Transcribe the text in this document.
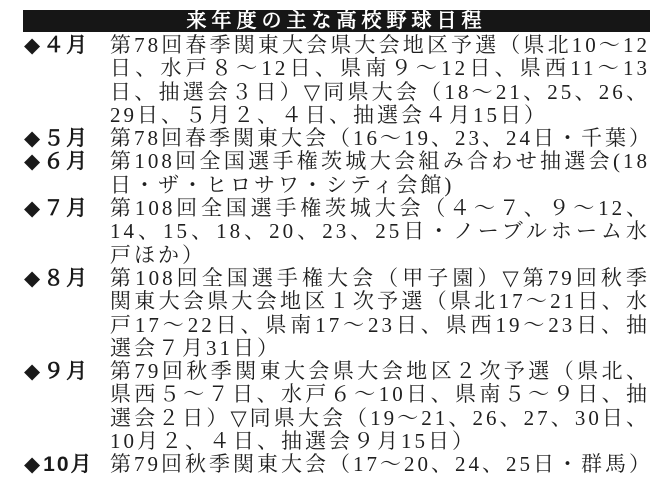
来年度の主な高校野球日程
◆４月 第78回春季関東大会県大会地区予選（県北10〜12日、水戸８〜12日、県南９〜12日、県西11〜13日、抽選会３日）▽同県大会（18〜21、25、26、29日、５月２、４日、抽選会４月15日）
◆５月 第78回春季関東大会（16〜19、23、24日・千葉）
◆６月 第108回全国選手権茨城大会組み合わせ抽選会(18日・ザ・ヒロサワ・シティ会館)
◆７月 第108回全国選手権茨城大会（４〜７、９〜12、14、15、18、20、23、25日・ノーブルホーム水戸ほか）
◆８月 第108回全国選手権大会（甲子園）▽第79回秋季関東大会県大会地区１次予選（県北17〜21日、水戸17〜22日、県南17〜23日、県西19〜23日、抽選会７月31日）
◆９月 第79回秋季関東大会県大会地区２次予選（県北、県西５〜７日、水戸６〜10日、県南５〜９日、抽選会２日）▽同県大会（19〜21、26、27、30日、10月２、４日、抽選会９月15日）
◆10月 第79回秋季関東大会（17〜20、24、25日・群馬）
